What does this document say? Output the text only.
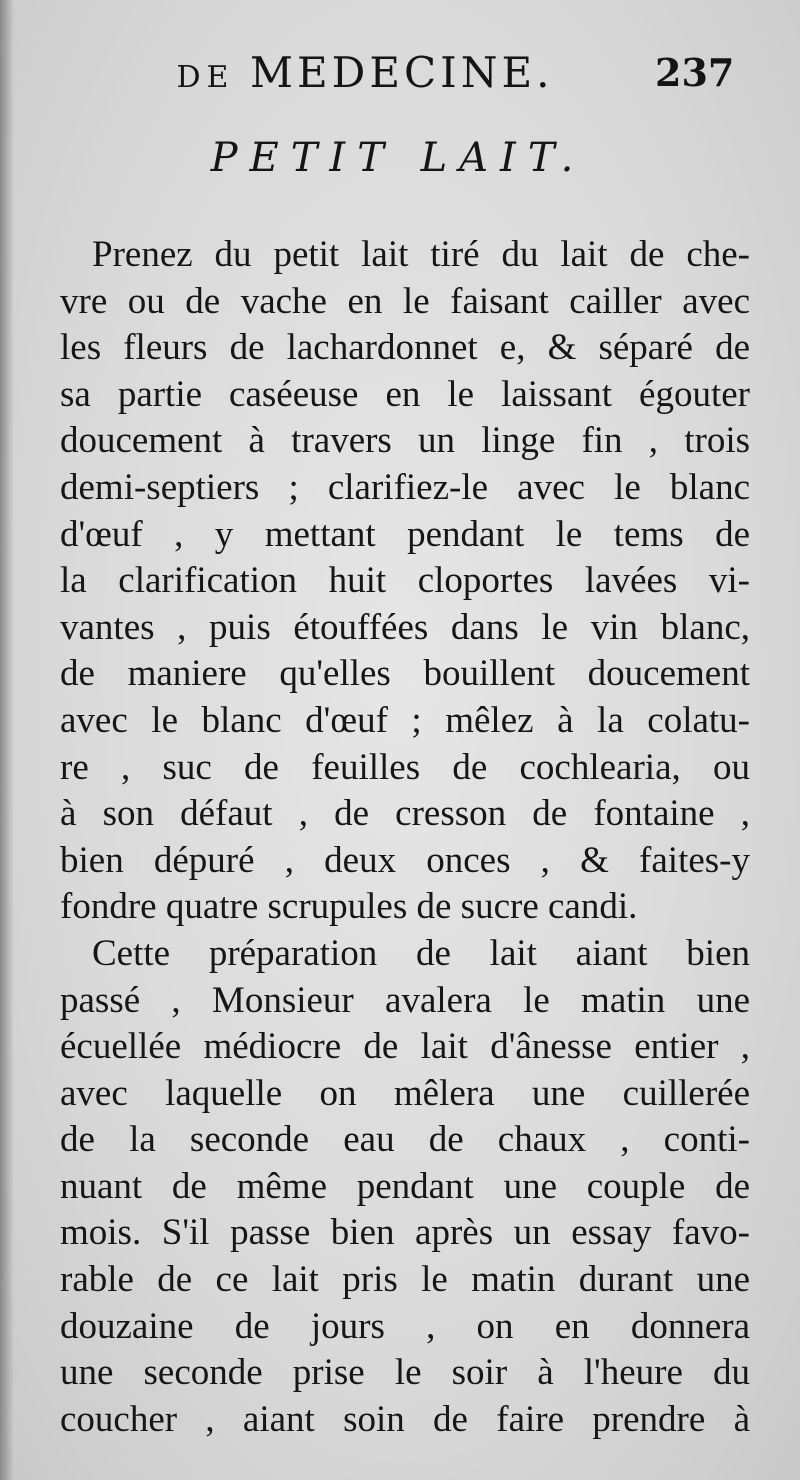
DE MEDECINE.	237
PETIT LAIT.
Prenez du petit lait tiré du lait de che-
vre ou de vache en le faisant cailler avec
les fleurs de lachardonnet e, & séparé de
sa partie caséeuse en le laissant égouter
doucement à travers un linge fin , trois
demi-septiers ; clarifiez-le avec le blanc
d'œuf , y mettant pendant le tems de
la clarification huit cloportes lavées vi-
vantes , puis étouffées dans le vin blanc,
de maniere qu'elles bouillent doucement
avec le blanc d'œuf ; mêlez à la colatu-
re , suc de feuilles de cochlearia, ou
à son défaut , de cresson de fontaine ,
bien dépuré , deux onces , & faites-y
fondre quatre scrupules de sucre candi.
Cette préparation de lait aiant bien
passé , Monsieur avalera le matin une
écuellée médiocre de lait d'ânesse entier ,
avec laquelle on mêlera une cuillerée
de la seconde eau de chaux , conti-
nuant de même pendant une couple de
mois. S'il passe bien après un essay favo-
rable de ce lait pris le matin durant une
douzaine de jours , on en donnera
une seconde prise le soir à l'heure du
coucher , aiant soin de faire prendre à
